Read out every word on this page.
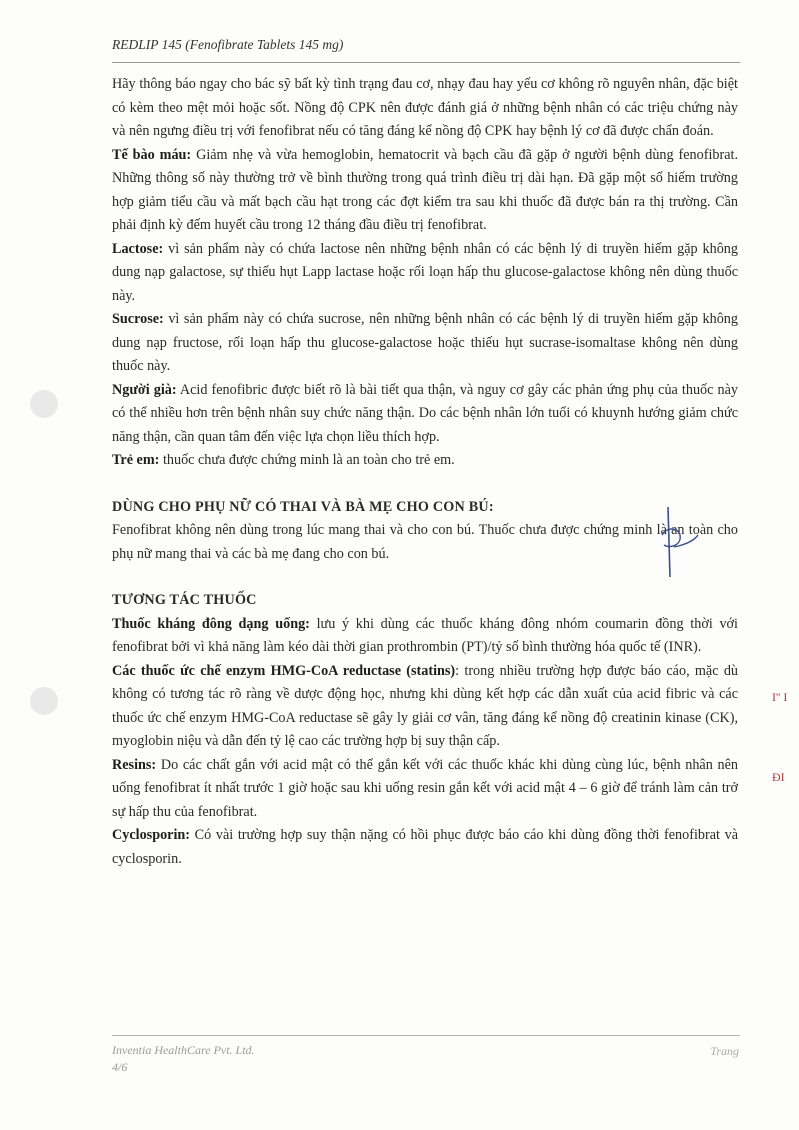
REDLIP 145 (Fenofibrate Tablets 145 mg)

Hãy thông báo ngay cho bác sỹ bất kỳ tình trạng đau cơ, nhạy đau hay yếu cơ không rõ nguyên nhân, đặc biệt có kèm theo mệt mỏi hoặc sốt. Nồng độ CPK nên được đánh giá ở những bệnh nhân có các triệu chứng này và nên ngưng điều trị với fenofibrat nếu có tăng đáng kể nồng độ CPK hay bệnh lý cơ đã được chẩn đoán.

Tế bào máu: Giảm nhẹ và vừa hemoglobin, hematocrit và bạch cầu đã gặp ở người bệnh dùng fenofibrat. Những thông số này thường trở về bình thường trong quá trình điều trị dài hạn. Đã gặp một số hiếm trường hợp giảm tiểu cầu và mất bạch cầu hạt trong các đợt kiểm tra sau khi thuốc đã được bán ra thị trường. Cần phải định kỳ đếm huyết cầu trong 12 tháng đầu điều trị fenofibrat.

Lactose: vì sản phẩm này có chứa lactose nên những bệnh nhân có các bệnh lý di truyền hiếm gặp không dung nạp galactose, sự thiếu hụt Lapp lactase hoặc rối loạn hấp thu glucose-galactose không nên dùng thuốc này.

Sucrose: vì sản phẩm này có chứa sucrose, nên những bệnh nhân có các bệnh lý di truyền hiếm gặp không dung nạp fructose, rối loạn hấp thu glucose-galactose hoặc thiếu hụt sucrase-isomaltase không nên dùng thuốc này.

Người già: Acid fenofibric được biết rõ là bài tiết qua thận, và nguy cơ gây các phản ứng phụ của thuốc này có thể nhiều hơn trên bệnh nhân suy chức năng thận. Do các bệnh nhân lớn tuổi có khuynh hướng giảm chức năng thận, cần quan tâm đến việc lựa chọn liều thích hợp.

Trẻ em: thuốc chưa được chứng minh là an toàn cho trẻ em.

DÙNG CHO PHỤ NỮ CÓ THAI VÀ BÀ MẸ CHO CON BÚ:

Fenofibrat không nên dùng trong lúc mang thai và cho con bú. Thuốc chưa được chứng minh là an toàn cho phụ nữ mang thai và các bà mẹ đang cho con bú.

TƯƠNG TÁC THUỐC

Thuốc kháng đông dạng uống: lưu ý khi dùng các thuốc kháng đông nhóm coumarin đồng thời với fenofibrat bởi vì khả năng làm kéo dài thời gian prothrombin (PT)/tỷ số bình thường hóa quốc tế (INR).

Các thuốc ức chế enzym HMG-CoA reductase (statins): trong nhiều trường hợp được báo cáo, mặc dù không có tương tác rõ ràng về dược động học, nhưng khi dùng kết hợp các dẫn xuất của acid fibric và các thuốc ức chế enzym HMG-CoA reductase sẽ gây ly giải cơ vân, tăng đáng kể nồng độ creatinin kinase (CK), myoglobin niệu và dẫn đến tỷ lệ cao các trường hợp bị suy thận cấp.

Resins: Do các chất gắn với acid mật có thể gắn kết với các thuốc khác khi dùng cùng lúc, bệnh nhân nên uống fenofibrat ít nhất trước 1 giờ hoặc sau khi uống resin gắn kết với acid mật 4 – 6 giờ để tránh làm cản trở sự hấp thu của fenofibrat.

Cyclosporin: Có vài trường hợp suy thận nặng có hồi phục được báo cáo khi dùng đồng thời fenofibrat và cyclosporin.

I'' I
ĐI
Inventia HealthCare Pvt. Ltd.
4/6
Trang
